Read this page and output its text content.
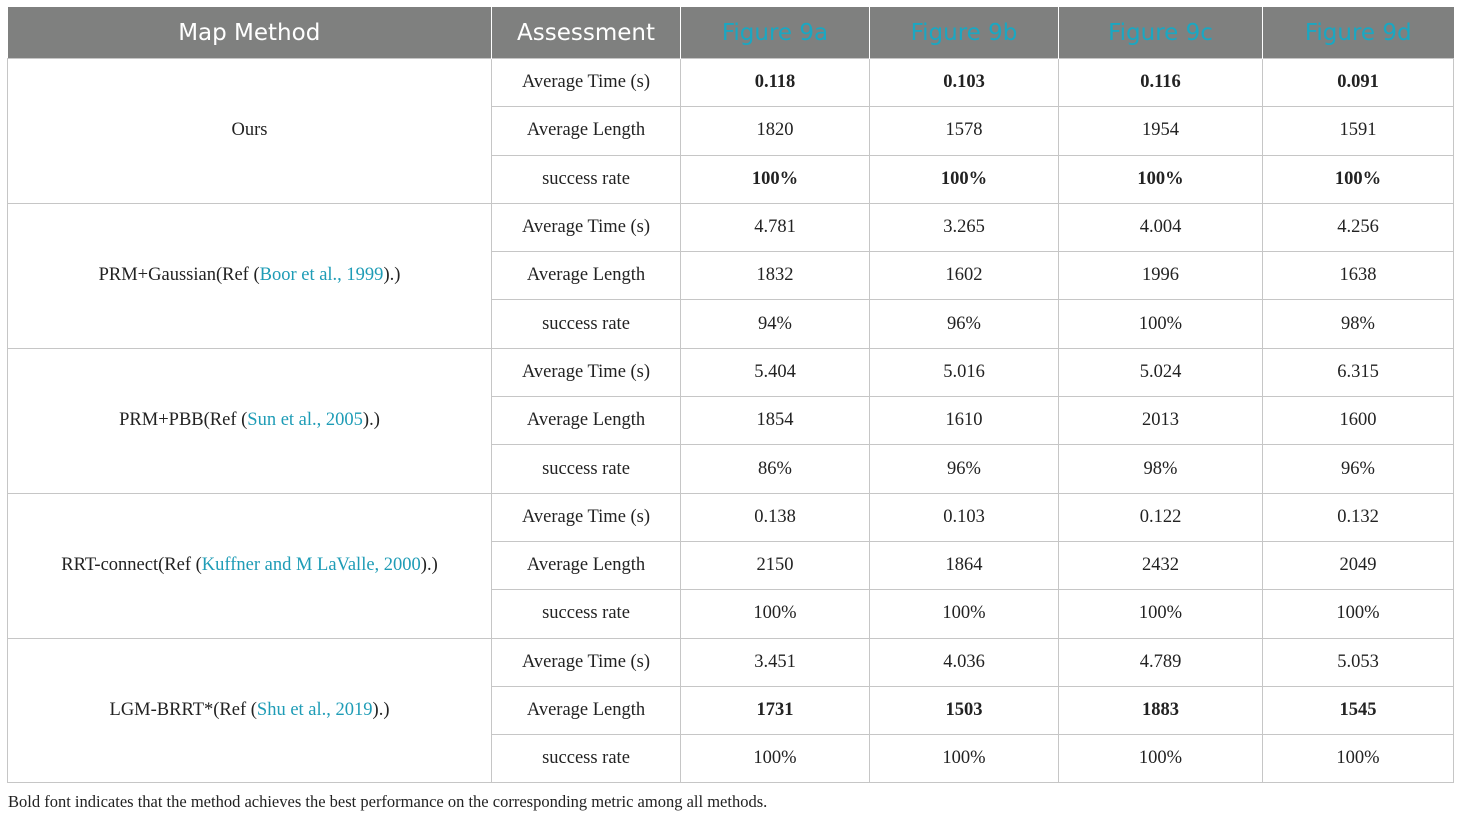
Map Method	Assessment	Figure 9a	Figure 9b	Figure 9c	Figure 9d
Ours	Average Time (s)	0.118	0.103	0.116	0.091
	Average Length	1820	1578	1954	1591
	success rate	100%	100%	100%	100%
PRM+Gaussian(Ref (Boor et al., 1999).)	Average Time (s)	4.781	3.265	4.004	4.256
	Average Length	1832	1602	1996	1638
	success rate	94%	96%	100%	98%
PRM+PBB(Ref (Sun et al., 2005).)	Average Time (s)	5.404	5.016	5.024	6.315
	Average Length	1854	1610	2013	1600
	success rate	86%	96%	98%	96%
RRT-connect(Ref (Kuffner and M LaValle, 2000).)	Average Time (s)	0.138	0.103	0.122	0.132
	Average Length	2150	1864	2432	2049
	success rate	100%	100%	100%	100%
LGM-BRRT*(Ref (Shu et al., 2019).)	Average Time (s)	3.451	4.036	4.789	5.053
	Average Length	1731	1503	1883	1545
	success rate	100%	100%	100%	100%
Bold font indicates that the method achieves the best performance on the corresponding metric among all methods.
